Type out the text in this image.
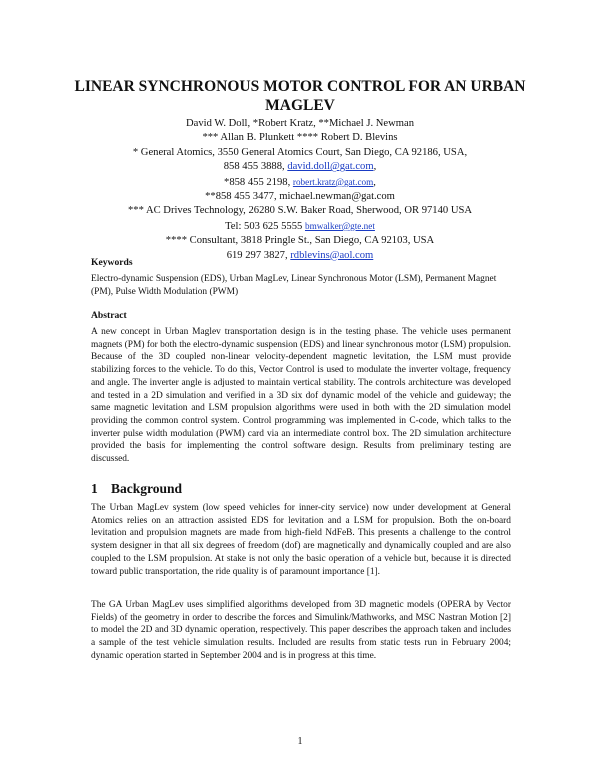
LINEAR SYNCHRONOUS MOTOR CONTROL FOR AN URBAN MAGLEV
David W. Doll, *Robert Kratz, **Michael J. Newman
*** Allan B. Plunkett **** Robert D. Blevins
* General Atomics, 3550 General Atomics Court, San Diego, CA 92186, USA,
858 455 3888, david.doll@gat.com,
*858 455 2198, robert.kratz@gat.com,
**858 455 3477, michael.newman@gat.com
*** AC Drives Technology, 26280 S.W. Baker Road, Sherwood, OR 97140 USA
Tel: 503 625 5555 bmwalker@gte.net
**** Consultant, 3818 Pringle St., San Diego, CA 92103, USA
619 297 3827, rdblevins@aol.com
Keywords
Electro-dynamic Suspension (EDS), Urban MagLev, Linear Synchronous Motor (LSM), Permanent Magnet (PM), Pulse Width Modulation (PWM)
Abstract
A new concept in Urban Maglev transportation design is in the testing phase. The vehicle uses permanent magnets (PM) for both the electro-dynamic suspension (EDS) and linear synchronous motor (LSM) propulsion. Because of the 3D coupled non-linear velocity-dependent magnetic levitation, the LSM must provide stabilizing forces to the vehicle. To do this, Vector Control is used to modulate the inverter voltage, frequency and angle. The inverter angle is adjusted to maintain vertical stability. The controls architecture was developed and tested in a 2D simulation and verified in a 3D six dof dynamic model of the vehicle and guideway; the same magnetic levitation and LSM propulsion algorithms were used in both with the 2D simulation model providing the common control system. Control programming was implemented in C-code, which talks to the inverter pulse width modulation (PWM) card via an intermediate control box. The 2D simulation architecture provided the basis for implementing the control software design. Results from preliminary testing are discussed.
1 Background
The Urban MagLev system (low speed vehicles for inner-city service) now under development at General Atomics relies on an attraction assisted EDS for levitation and a LSM for propulsion. Both the on-board levitation and propulsion magnets are made from high-field NdFeB. This presents a challenge to the control system designer in that all six degrees of freedom (dof) are magnetically and dynamically coupled and are also coupled to the LSM propulsion. At stake is not only the basic operation of a vehicle but, because it is directed toward public transportation, the ride quality is of paramount importance [1].
The GA Urban MagLev uses simplified algorithms developed from 3D magnetic models (OPERA by Vector Fields) of the geometry in order to describe the forces and Simulink/Mathworks, and MSC Nastran Motion [2] to model the 2D and 3D dynamic operation, respectively. This paper describes the approach taken and includes a sample of the test vehicle simulation results. Included are results from static tests run in February 2004; dynamic operation started in September 2004 and is in progress at this time.
1
